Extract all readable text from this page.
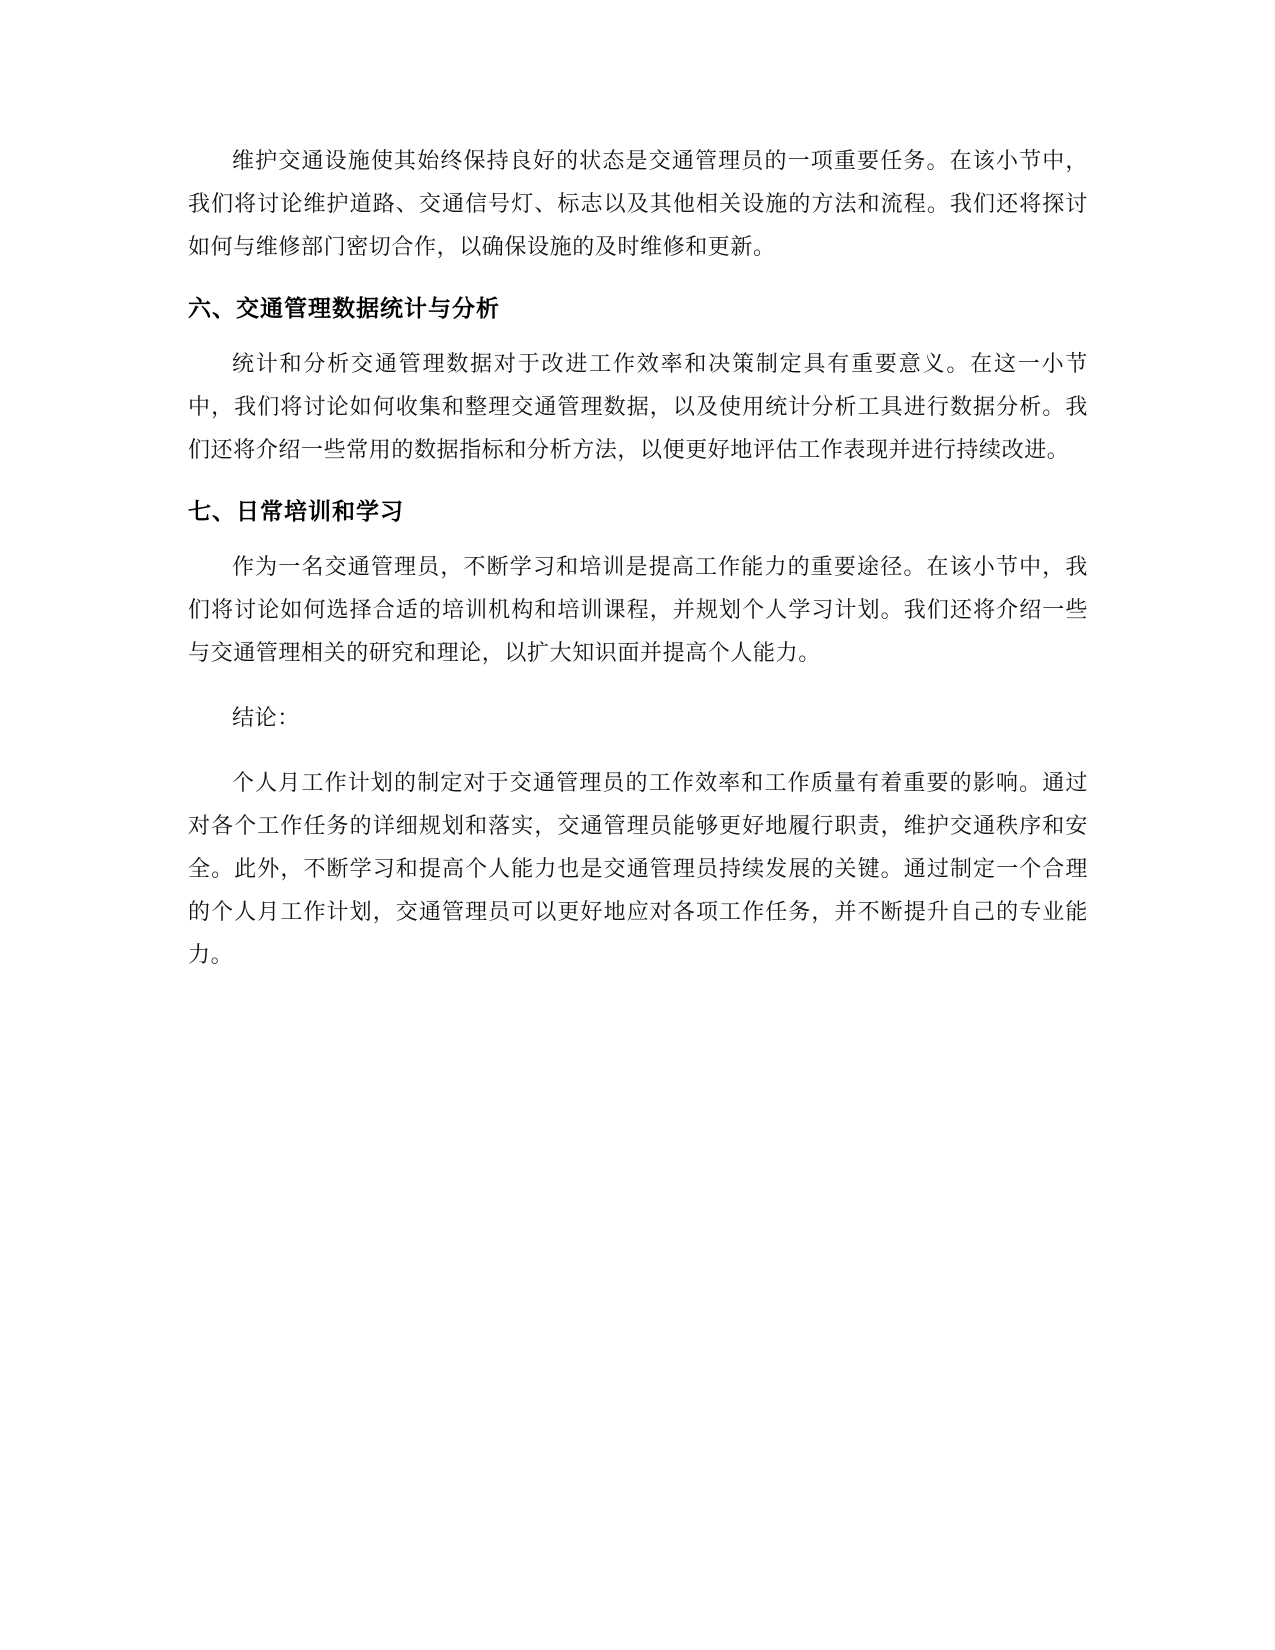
维护交通设施使其始终保持良好的状态是交通管理员的一项重要任务。在该小节中，我们将讨论维护道路、交通信号灯、标志以及其他相关设施的方法和流程。我们还将探讨如何与维修部门密切合作，以确保设施的及时维修和更新。

六、交通管理数据统计与分析

统计和分析交通管理数据对于改进工作效率和决策制定具有重要意义。在这一小节中，我们将讨论如何收集和整理交通管理数据，以及使用统计分析工具进行数据分析。我们还将介绍一些常用的数据指标和分析方法，以便更好地评估工作表现并进行持续改进。

七、日常培训和学习

作为一名交通管理员，不断学习和培训是提高工作能力的重要途径。在该小节中，我们将讨论如何选择合适的培训机构和培训课程，并规划个人学习计划。我们还将介绍一些与交通管理相关的研究和理论，以扩大知识面并提高个人能力。

结论：

个人月工作计划的制定对于交通管理员的工作效率和工作质量有着重要的影响。通过对各个工作任务的详细规划和落实，交通管理员能够更好地履行职责，维护交通秩序和安全。此外，不断学习和提高个人能力也是交通管理员持续发展的关键。通过制定一个合理的个人月工作计划，交通管理员可以更好地应对各项工作任务，并不断提升自己的专业能力。
